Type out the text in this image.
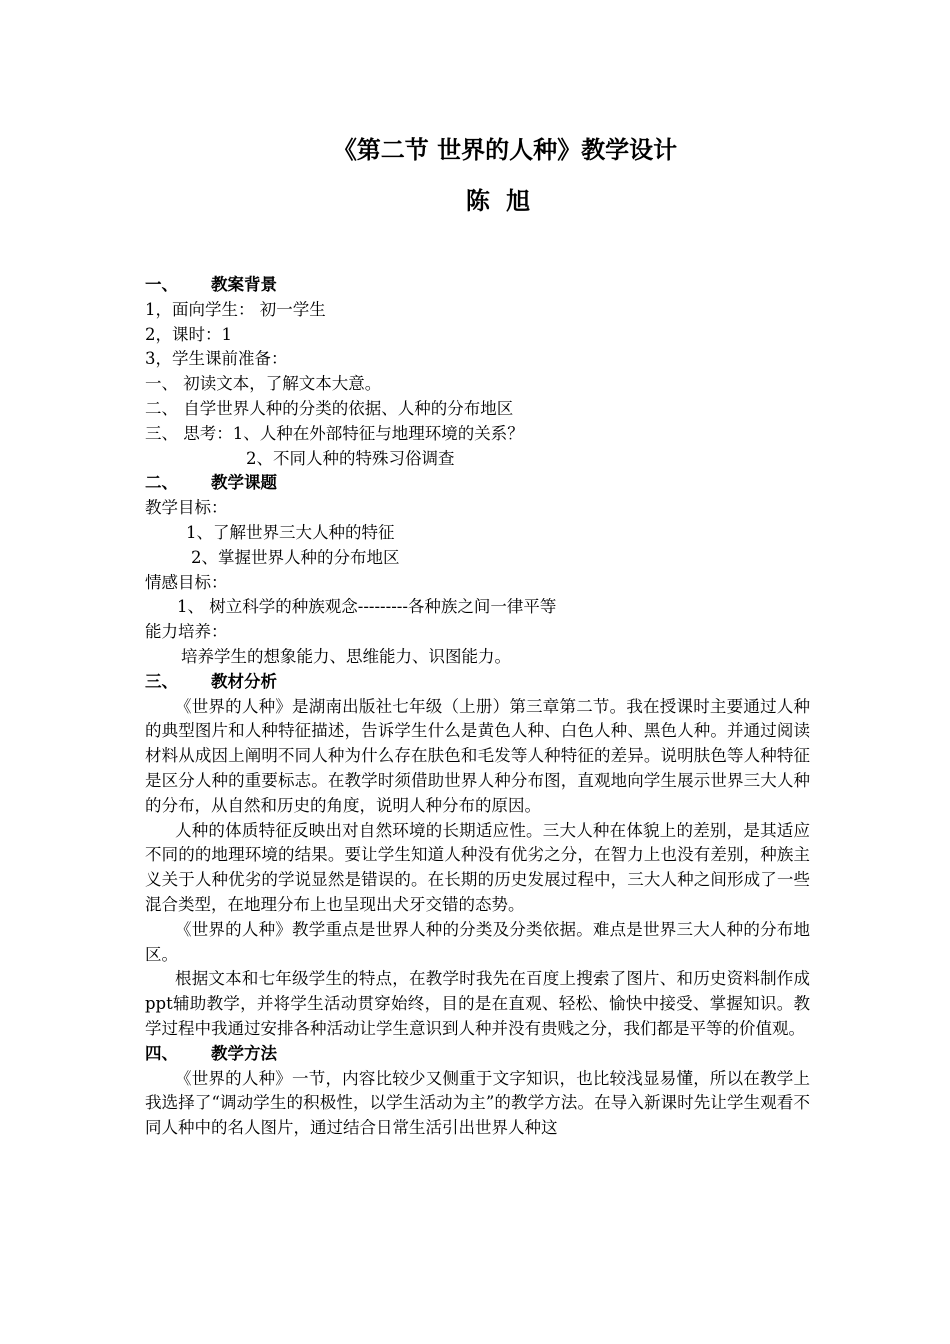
《第二节 世界的人种》教学设计
陈 旭
一、 教案背景
1，面向学生： 初一学生
2，课时：1
3，学生课前准备：
一、 初读文本，了解文本大意。
二、 自学世界人种的分类的依据、人种的分布地区
三、 思考：1、人种在外部特征与地理环境的关系？
2、不同人种的特殊习俗调查
二、 教学课题
教学目标：
1、了解世界三大人种的特征
2、掌握世界人种的分布地区
情感目标：
1、 树立科学的种族观念---------各种族之间一律平等
能力培养：
培养学生的想象能力、思维能力、识图能力。
三、 教材分析

《世界的人种》是湖南出版社七年级（上册）第三章第二节。我在授课时主要通过人种的典型图片和人种特征描述，告诉学生什么是黄色人种、白色人种、黑色人种。并通过阅读材料从成因上阐明不同人种为什么存在肤色和毛发等人种特征的差异。说明肤色等人种特征是区分人种的重要标志。在教学时须借助世界人种分布图，直观地向学生展示世界三大人种的分布，从自然和历史的角度，说明人种分布的原因。

人种的体质特征反映出对自然环境的长期适应性。三大人种在体貌上的差别，是其适应不同的的地理环境的结果。要让学生知道人种没有优劣之分，在智力上也没有差别，种族主义关于人种优劣的学说显然是错误的。在长期的历史发展过程中，三大人种之间形成了一些混合类型，在地理分布上也呈现出犬牙交错的态势。

《世界的人种》教学重点是世界人种的分类及分类依据。难点是世界三大人种的分布地区。

根据文本和七年级学生的特点，在教学时我先在百度上搜索了图片、和历史资料制作成ppt辅助教学，并将学生活动贯穿始终，目的是在直观、轻松、愉快中接受、掌握知识。教学过程中我通过安排各种活动让学生意识到人种并没有贵贱之分，我们都是平等的价值观。

四、 教学方法

《世界的人种》一节，内容比较少又侧重于文字知识，也比较浅显易懂，所以在教学上我选择了“调动学生的积极性，以学生活动为主”的教学方法。在导入新课时先让学生观看不同人种中的名人图片，通过结合日常生活引出世界人种这
